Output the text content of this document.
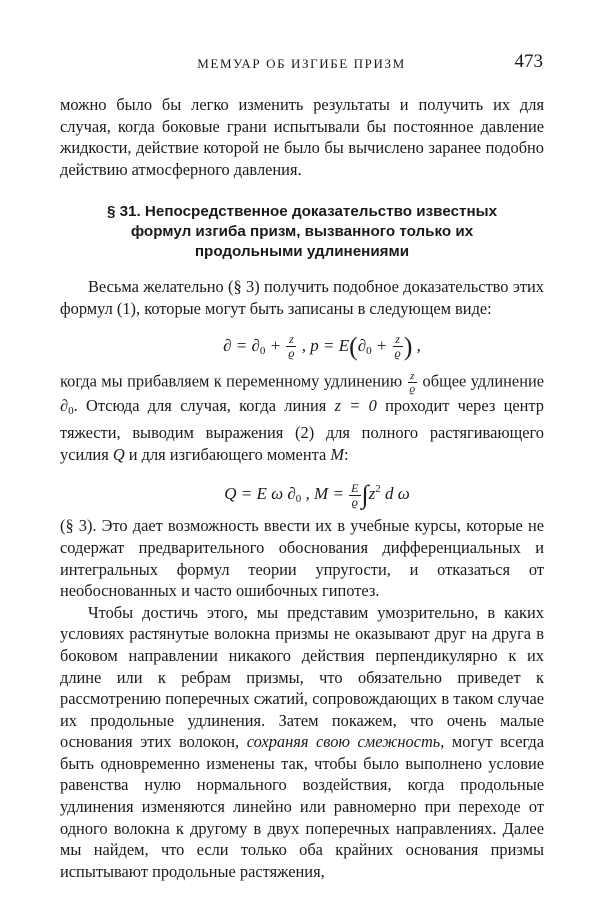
МЕМУАР ОБ ИЗГИБЕ ПРИЗМ	473

можно было бы легко изменить результаты и получить их для случая, когда боковые грани испытывали бы постоянное давление жидкости, действие которой не было бы вычислено заранее подобно действию атмосферного давления.

§ 31. Непосредственное доказательство известных
формул изгиба призм, вызванного только их
продольными удлинениями

Весьма желательно (§ 3) получить подобное доказательство этих формул (1), которые могут быть записаны в следующем виде:

∂ = $\partial_0 + \frac{z}{ϱ}$ , $p = E(\partial_0 + \frac{z}{ϱ}$ ) ,

когда мы прибавляем к переменному удлинению $\frac{z}{ϱ}$ общее удлинение $\partial_0$. Отсюда для случая, когда линия z = 0 проходит через центр тяжести, выводим выражения (2) для полного растягивающего усилия Q и для изгибающего момента M:

Q = E ω $\partial_0$ , $M = \frac{E}{ϱ} \int z^2$ d ω

(§ 3). Это дает возможность ввести их в учебные курсы, которые не содержат предварительного обоснования дифференциальных и интегральных формул теории упругости, и отказаться от необоснованных и часто ошибочных гипотез.

Чтобы достичь этого, мы представим умозрительно, в каких условиях растянутые волокна призмы не оказывают друг на друга в боковом направлении никакого действия перпендикулярно к их длине или к ребрам призмы, что обязательно приведет к рассмотрению поперечных сжатий, сопровождающих в таком случае их продольные удлинения. Затем покажем, что очень малые основания этих волокон, сохраняя свою смежность, могут всегда быть одновременно изменены так, чтобы было выполнено условие равенства нулю нормального воздействия, когда продольные удлинения изменяются линейно или равномерно при переходе от одного волокна к другому в двух поперечных направлениях. Далее мы найдем, что если только оба крайних основания призмы испытывают продольные растяжения,
